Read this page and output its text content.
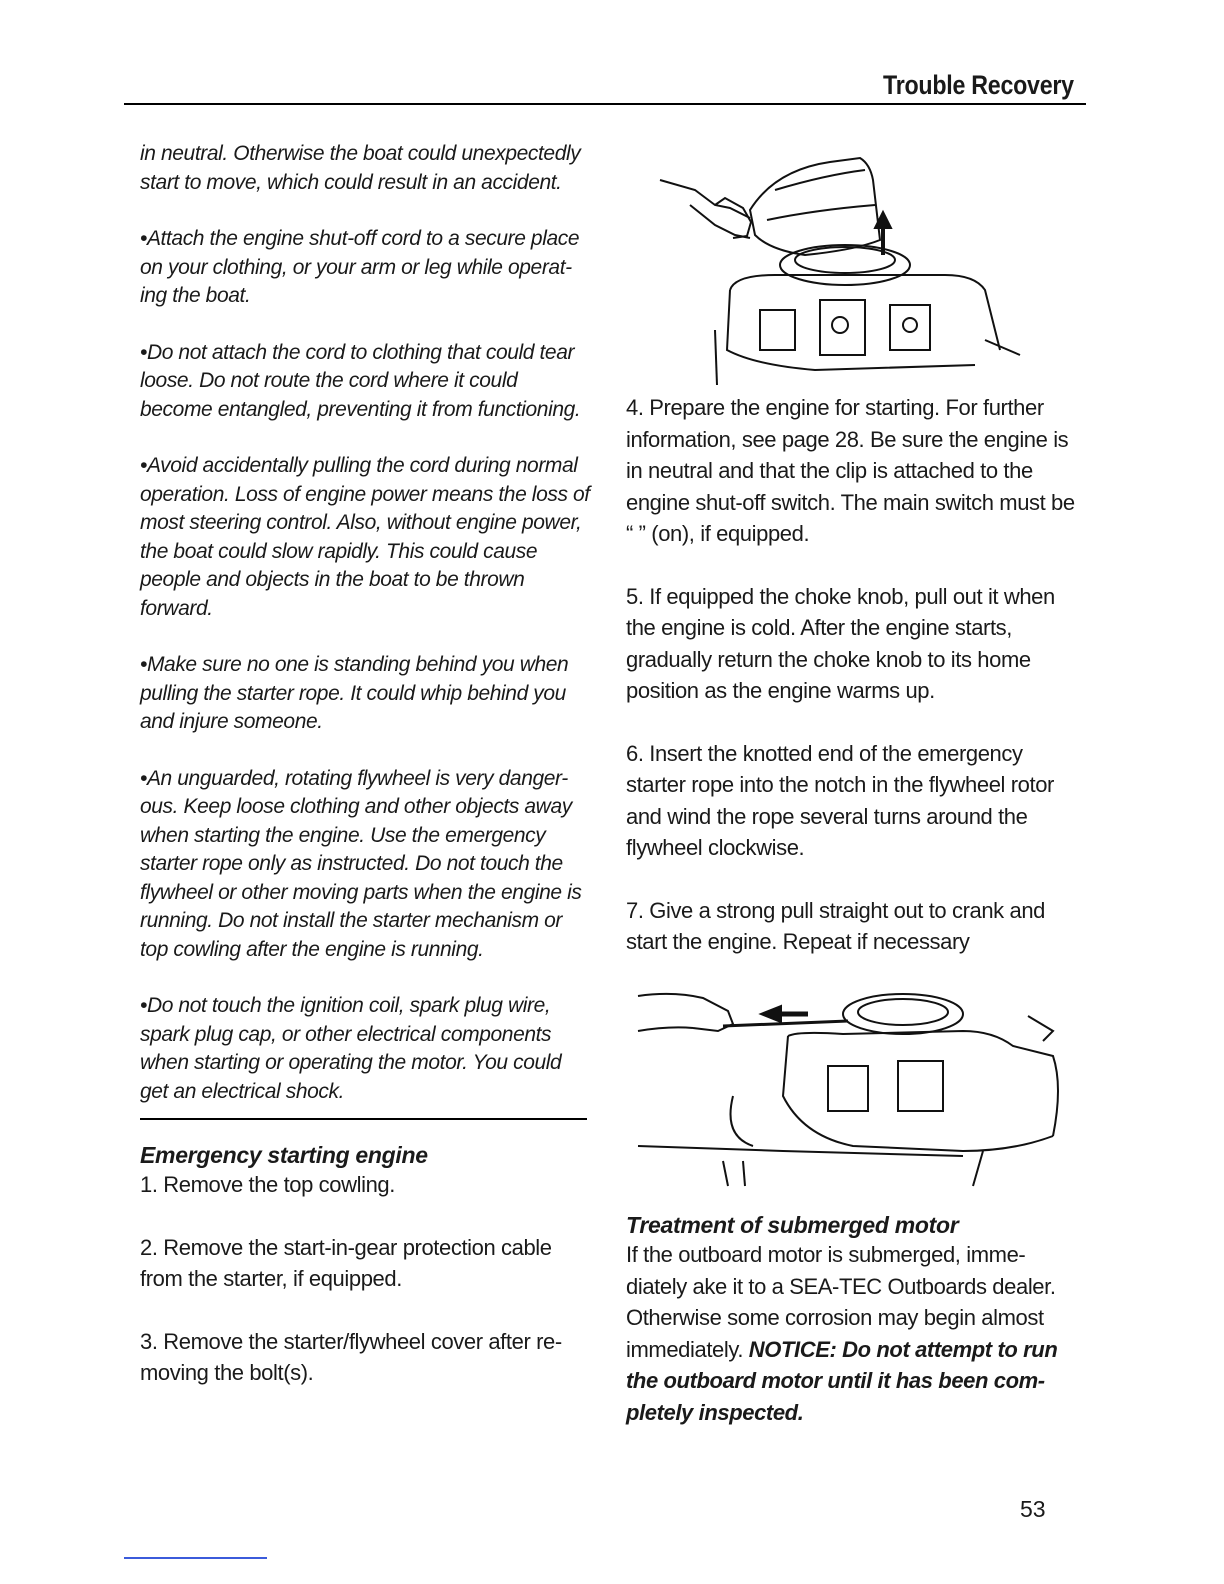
Trouble Recovery

in neutral. Otherwise the boat could unexpectedly start to move, which could result in an accident.

•Attach the engine shut-off cord to a secure place on your clothing, or your arm or leg while operat-ing the boat.

•Do not attach the cord to clothing that could tear loose. Do not route the cord where it could become entangled, preventing it from functioning.

•Avoid accidentally pulling the cord during normal operation. Loss of engine power means the loss of most steering control. Also, without engine power, the boat could slow rapidly. This could cause people and objects in the boat to be thrown forward.

•Make sure no one is standing behind you when pulling the starter rope. It could whip behind you and injure someone.

•An unguarded, rotating flywheel is very danger-ous. Keep loose clothing and other objects away when starting the engine. Use the emergency starter rope only as instructed. Do not touch the flywheel or other moving parts when the engine is running. Do not install the starter mechanism or top cowling after the engine is running.

•Do not touch the ignition coil, spark plug wire, spark plug cap, or other electrical components when starting or operating the motor. You could get an electrical shock.

Emergency starting engine

1. Remove the top cowling.

2. Remove the start-in-gear protection cable from the starter, if equipped.

3. Remove the starter/flywheel cover after re-moving the bolt(s).

4. Prepare the engine for starting. For further information, see page 28. Be sure the engine is in neutral and that the clip is attached to the engine shut-off switch. The main switch must be “ ” (on), if equipped.

5. If equipped the choke knob, pull out it when the engine is cold. After the engine starts, gradually return the choke knob to its home position as the engine warms up.

6. Insert the knotted end of the emergency starter rope into the notch in the flywheel rotor and wind the rope several turns around the flywheel clockwise.

7. Give a strong pull straight out to crank and start the engine. Repeat if necessary

Treatment of submerged motor

If the outboard motor is submerged, imme-diately ake it to a SEA-TEC Outboards dealer. Otherwise some corrosion may begin almost immediately. NOTICE: Do not attempt to run the outboard motor until it has been com-pletely inspected.

53
